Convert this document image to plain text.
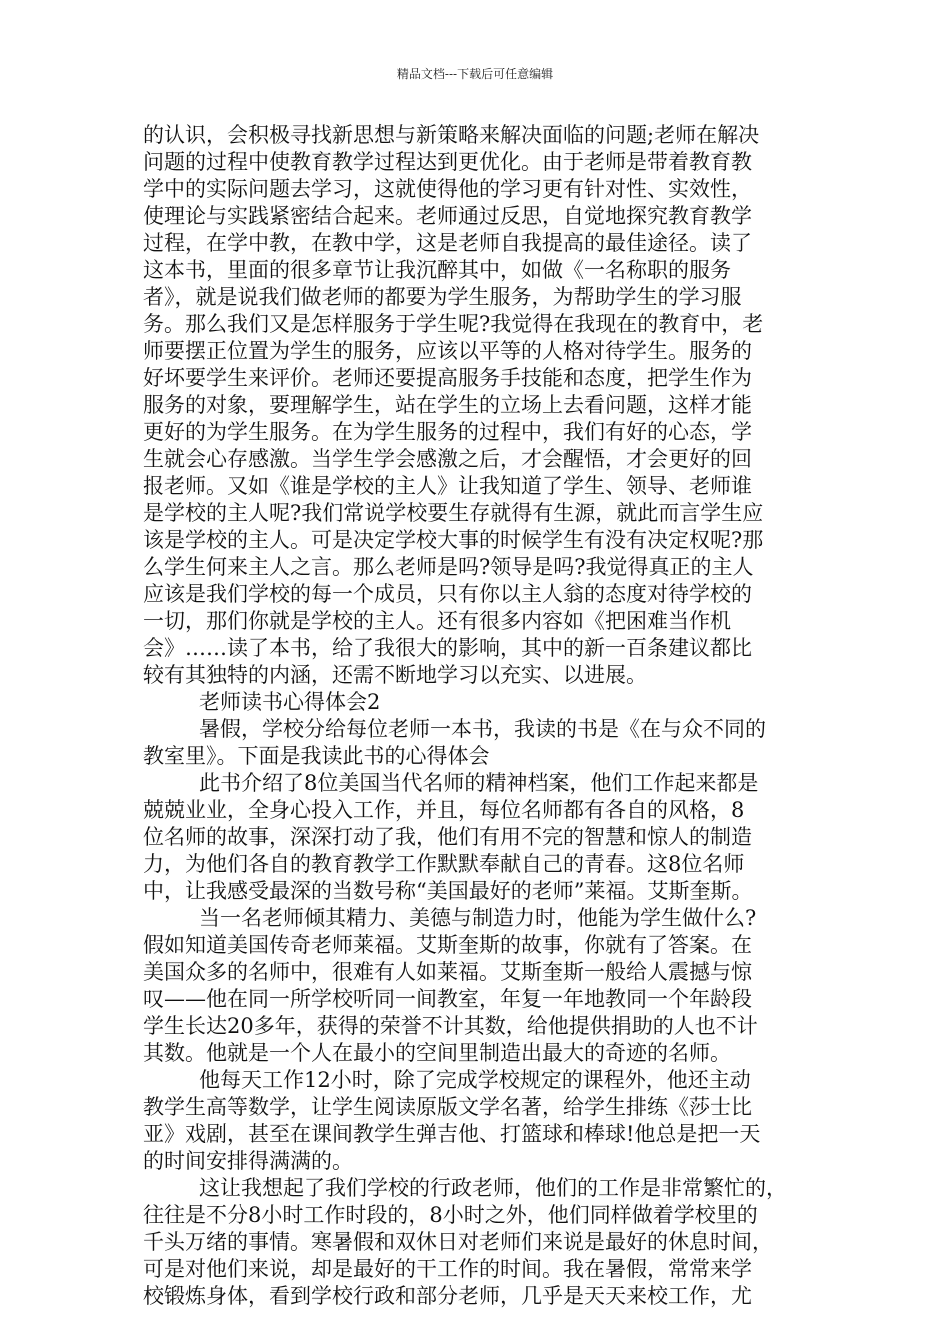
精品文档---下载后可任意编辑
的认识，会积极寻找新思想与新策略来解决面临的问题;老师在解决
问题的过程中使教育教学过程达到更优化。由于老师是带着教育教
学中的实际问题去学习，这就使得他的学习更有针对性、实效性，
使理论与实践紧密结合起来。老师通过反思，自觉地探究教育教学
过程，在学中教，在教中学，这是老师自我提高的最佳途径。读了
这本书，里面的很多章节让我沉醉其中，如做《一名称职的服务
者》，就是说我们做老师的都要为学生服务，为帮助学生的学习服
务。那么我们又是怎样服务于学生呢?我觉得在我现在的教育中，老
师要摆正位置为学生的服务，应该以平等的人格对待学生。服务的
好坏要学生来评价。老师还要提高服务手技能和态度，把学生作为
服务的对象，要理解学生，站在学生的立场上去看问题，这样才能
更好的为学生服务。在为学生服务的过程中，我们有好的心态，学
生就会心存感激。当学生学会感激之后，才会醒悟，才会更好的回
报老师。又如《谁是学校的主人》让我知道了学生、领导、老师谁
是学校的主人呢?我们常说学校要生存就得有生源，就此而言学生应
该是学校的主人。可是决定学校大事的时候学生有没有决定权呢?那
么学生何来主人之言。那么老师是吗?领导是吗?我觉得真正的主人
应该是我们学校的每一个成员，只有你以主人翁的态度对待学校的
一切，那们你就是学校的主人。还有很多内容如《把困难当作机
会》……读了本书，给了我很大的影响，其中的新一百条建议都比
较有其独特的内涵，还需不断地学习以充实、以进展。
老师读书心得体会2
暑假，学校分给每位老师一本书，我读的书是《在与众不同的
教室里》。下面是我读此书的心得体会
此书介绍了8位美国当代名师的精神档案，他们工作起来都是
兢兢业业，全身心投入工作，并且，每位名师都有各自的风格，8
位名师的故事，深深打动了我，他们有用不完的智慧和惊人的制造
力，为他们各自的教育教学工作默默奉献自己的青春。这8位名师
中，让我感受最深的当数号称“美国最好的老师”莱福。艾斯奎斯。
当一名老师倾其精力、美德与制造力时，他能为学生做什么?
假如知道美国传奇老师莱福。艾斯奎斯的故事，你就有了答案。在
美国众多的名师中，很难有人如莱福。艾斯奎斯一般给人震撼与惊
叹——他在同一所学校听同一间教室，年复一年地教同一个年龄段
学生长达20多年，获得的荣誉不计其数，给他提供捐助的人也不计
其数。他就是一个人在最小的空间里制造出最大的奇迹的名师。
他每天工作12小时，除了完成学校规定的课程外，他还主动
教学生高等数学，让学生阅读原版文学名著，给学生排练《莎士比
亚》戏剧，甚至在课间教学生弹吉他、打篮球和棒球!他总是把一天
的时间安排得满满的。
这让我想起了我们学校的行政老师，他们的工作是非常繁忙的，
往往是不分8小时工作时段的，8小时之外，他们同样做着学校里的
千头万绪的事情。寒暑假和双休日对老师们来说是最好的休息时间，
可是对他们来说，却是最好的干工作的时间。我在暑假，常常来学
校锻炼身体，看到学校行政和部分老师，几乎是天天来校工作，尤
